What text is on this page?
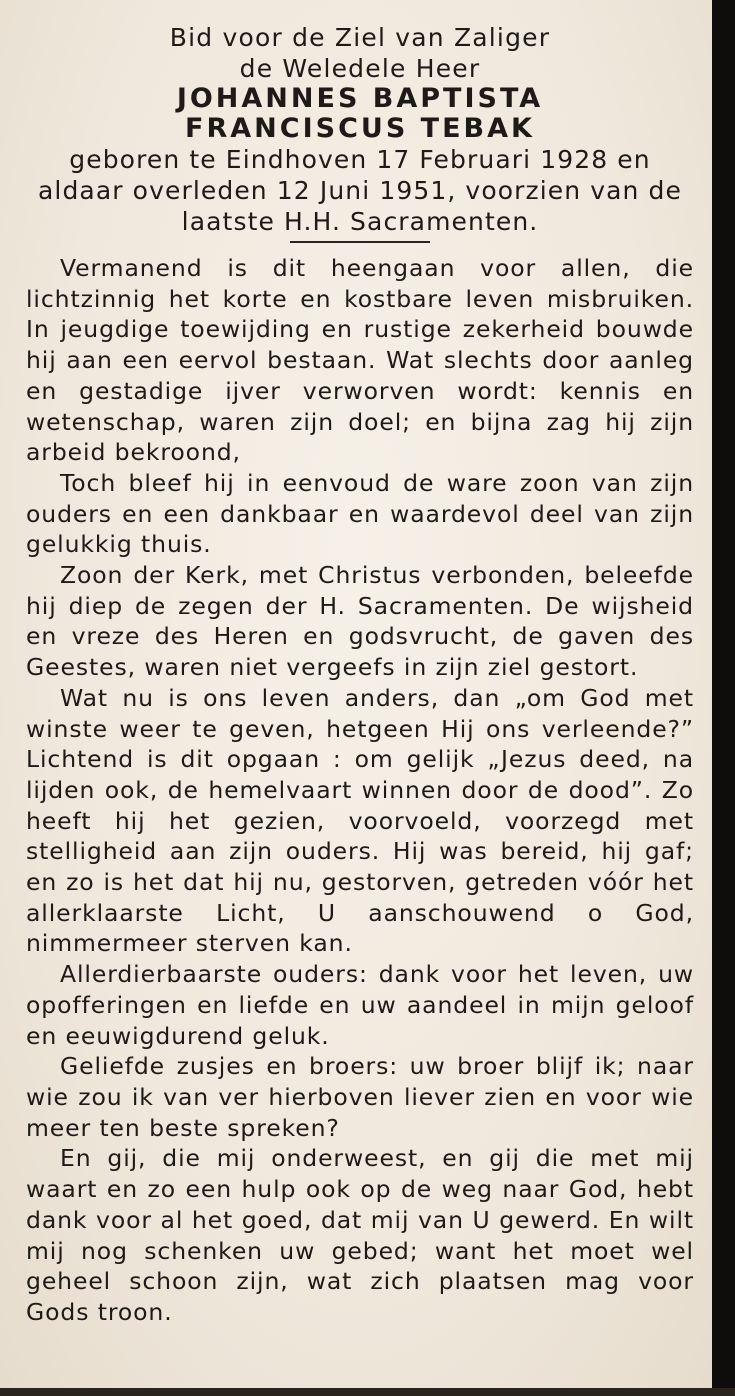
Bid voor de Ziel van Zaliger
de Weledele Heer
JOHANNES BAPTISTA
FRANCISCUS TEBAK
geboren te Eindhoven 17 Februari 1928 en aldaar overleden 12 Juni 1951, voorzien van de laatste H.H. Sacramenten.

Vermanend is dit heengaan voor allen, die lichtzinnig het korte en kostbare leven misbruiken. In jeugdige toewijding en rustige zekerheid bouwde hij aan een eervol bestaan. Wat slechts door aanleg en gestadige ijver verworven wordt: kennis en wetenschap, waren zijn doel; en bijna zag hij zijn arbeid bekroond,

Toch bleef hij in eenvoud de ware zoon van zijn ouders en een dankbaar en waardevol deel van zijn gelukkig thuis.

Zoon der Kerk, met Christus verbonden, beleefde hij diep de zegen der H. Sacramenten. De wijsheid en vreze des Heren en godsvrucht, de gaven des Geestes, waren niet vergeefs in zijn ziel gestort.

Wat nu is ons leven anders, dan „om God met winste weer te geven, hetgeen Hij ons verleende?” Lichtend is dit opgaan : om gelijk „Jezus deed, na lijden ook, de hemelvaart winnen door de dood”. Zo heeft hij het gezien, voorvoeld, voorzegd met stelligheid aan zijn ouders. Hij was bereid, hij gaf; en zo is het dat hij nu, gestorven, getreden vóór het allerklaarste Licht, U aanschouwend o God, nimmermeer sterven kan.

Allerdierbaarste ouders: dank voor het leven, uw opofferingen en liefde en uw aandeel in mijn geloof en eeuwigdurend geluk.

Geliefde zusjes en broers: uw broer blijf ik; naar wie zou ik van ver hierboven liever zien en voor wie meer ten beste spreken?

En gij, die mij onderweest, en gij die met mij waart en zo een hulp ook op de weg naar God, hebt dank voor al het goed, dat mij van U gewerd. En wilt mij nog schenken uw gebed; want het moet wel geheel schoon zijn, wat zich plaatsen mag voor Gods troon.
